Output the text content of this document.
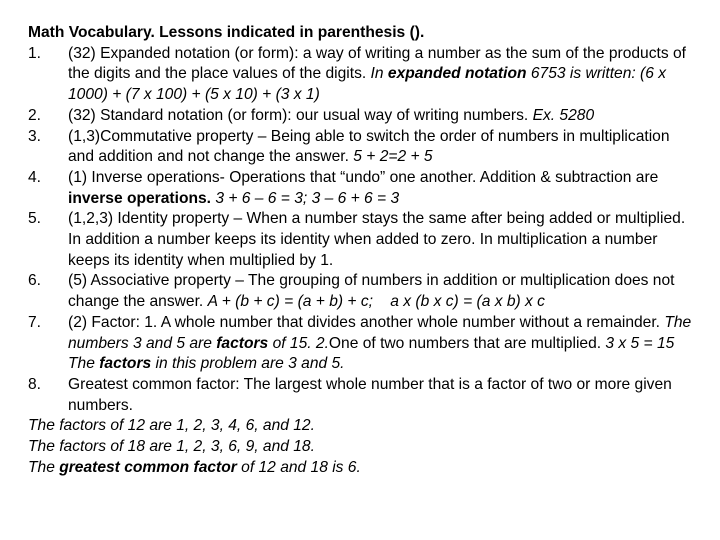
Math Vocabulary. Lessons indicated in parenthesis ().
1. (32) Expanded notation (or form): a way of writing a number as the sum of the products of the digits and the place values of the digits. In expanded notation 6753 is written: (6 x 1000) + (7 x 100) + (5 x 10) + (3 x 1)
2. (32) Standard notation (or form): our usual way of writing numbers. Ex. 5280
3. (1,3)Commutative property – Being able to switch the order of numbers in multiplication and addition and not change the answer. 5 + 2=2 + 5
4. (1) Inverse operations- Operations that “undo” one another. Addition & subtraction are inverse operations. 3 + 6 – 6 = 3; 3 – 6 + 6 = 3
5. (1,2,3) Identity property – When a number stays the same after being added or multiplied. In addition a number keeps its identity when added to zero. In multiplication a number keeps its identity when multiplied by 1.
6. (5) Associative property – The grouping of numbers in addition or multiplication does not change the answer. A + (b + c) = (a + b) + c;    a x (b x c) = (a x b) x c
7. (2) Factor: 1. A whole number that divides another whole number without a remainder. The numbers 3 and 5 are factors of 15. 2.One of two numbers that are multiplied. 3 x 5 = 15 The factors in this problem are 3 and 5.
8. Greatest common factor: The largest whole number that is a factor of two or more given numbers.
The factors of 12 are 1, 2, 3, 4, 6, and 12.
The factors of 18 are 1, 2, 3, 6, 9, and 18.
The greatest common factor of 12 and 18 is 6.
